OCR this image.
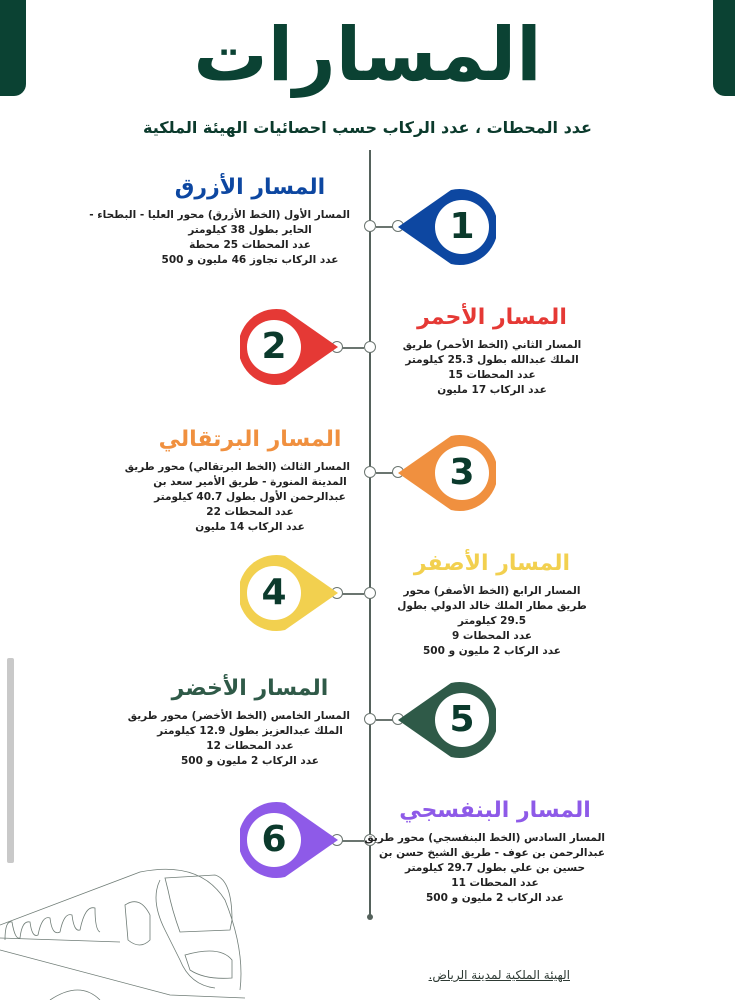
المسارات
عدد المحطات ، عدد الركاب حسب احصائيات الهيئة الملكية
1
المسار الأزرق
المسار الأول (الخط الأزرق) محور العليا - البطحاء -
الحاير بطول 38 كيلومتر
عدد المحطات 25 محطة
عدد الركاب تجاوز 46 مليون و 500
2
المسار الأحمر
المسار الثاني (الخط الأحمر) طريق
الملك عبدالله بطول 25.3 كيلومتر
عدد المحطات 15
عدد الركاب 17 مليون
3
المسار البرتقالي
المسار الثالث (الخط البرتقالي) محور طريق
المدينة المنورة - طريق الأمير سعد بن
عبدالرحمن الأول بطول 40.7 كيلومتر
عدد المحطات 22
عدد الركاب 14 مليون
4
المسار الأصفر
المسار الرابع (الخط الأصفر) محور
طريق مطار الملك خالد الدولي بطول
29.5 كيلومتر
عدد المحطات 9
عدد الركاب 2 مليون و 500
5
المسار الأخضر
المسار الخامس (الخط الأخضر) محور طريق
الملك عبدالعزيز بطول 12.9 كيلومتر
عدد المحطات 12
عدد الركاب 2 مليون و 500
6
المسار البنفسجي
المسار السادس (الخط البنفسجي) محور طريق
عبدالرحمن بن عوف - طريق الشيخ حسن بن
حسين بن علي بطول 29.7 كيلومتر
عدد المحطات 11
عدد الركاب 2 مليون و 500
الهيئة الملكية لمدينة الرياض.
